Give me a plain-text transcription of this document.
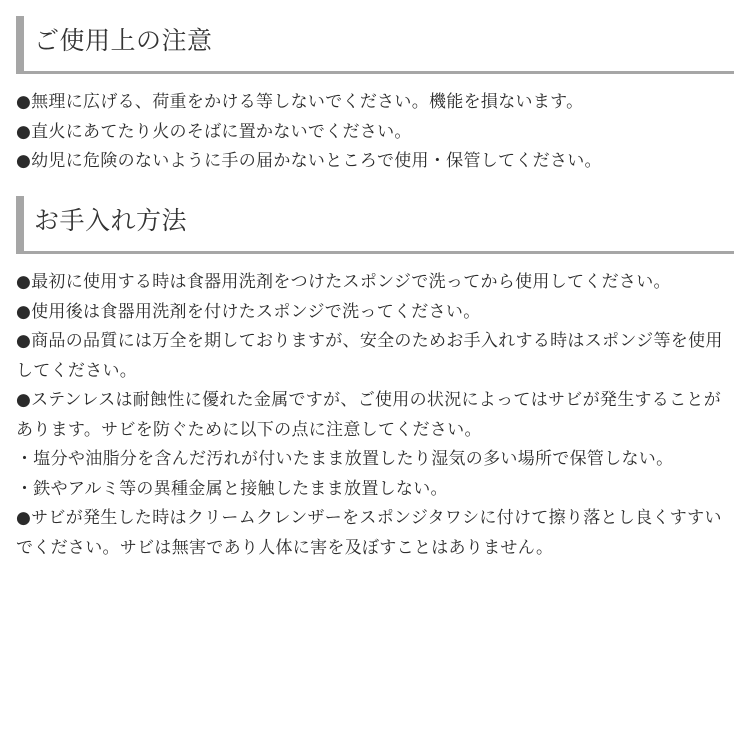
ご使用上の注意

●無理に広げる、荷重をかける等しないでください。機能を損ないます。

●直火にあてたり火のそばに置かないでください。

●幼児に危険のないように手の届かないところで使用・保管してください。

お手入れ方法

●最初に使用する時は食器用洗剤をつけたスポンジで洗ってから使用してください。

●使用後は食器用洗剤を付けたスポンジで洗ってください。

●商品の品質には万全を期しておりますが、安全のためお手入れする時はスポンジ等を使用してください。

●ステンレスは耐蝕性に優れた金属ですが、ご使用の状況によってはサビが発生することがあります。サビを防ぐために以下の点に注意してください。

・塩分や油脂分を含んだ汚れが付いたまま放置したり湿気の多い場所で保管しない。

・鉄やアルミ等の異種金属と接触したまま放置しない。

●サビが発生した時はクリームクレンザーをスポンジタワシに付けて擦り落とし良くすすいでください。サビは無害であり人体に害を及ぼすことはありません。
